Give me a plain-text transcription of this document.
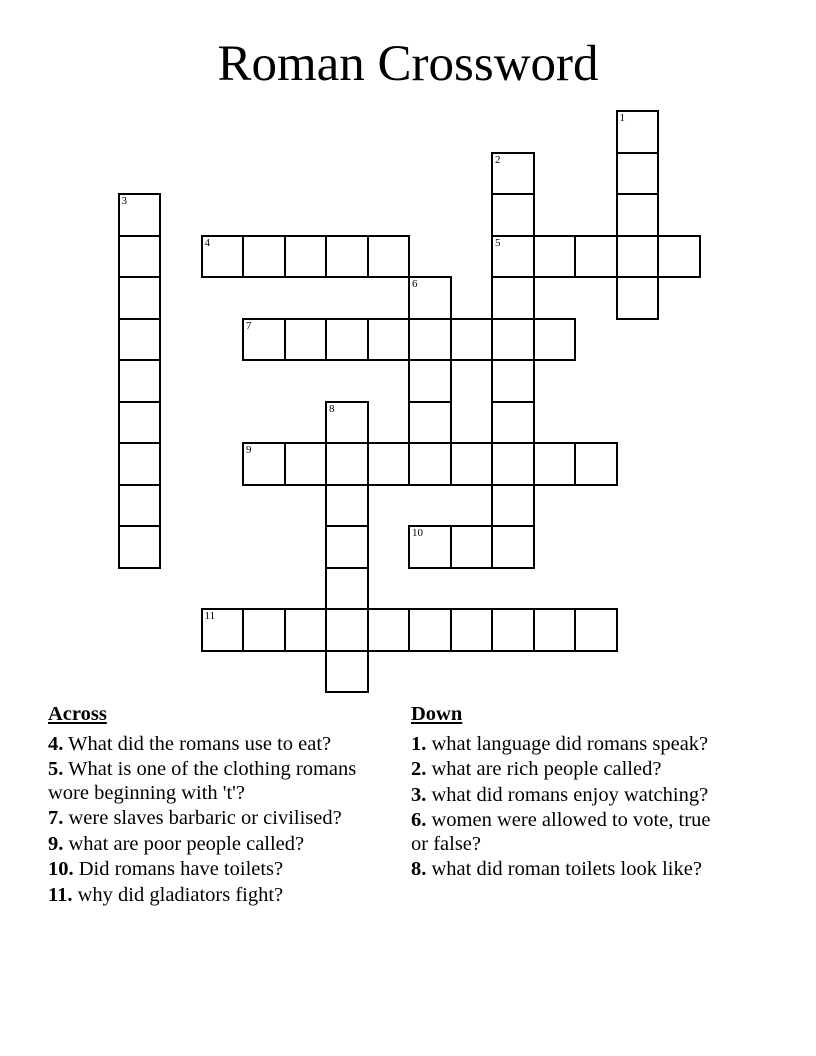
Roman Crossword
1
2
5
3
4
6
7
8
9
10
11
Across
4. What did the romans use to eat?
5. What is one of the clothing romans wore beginning with 't'?
7. were slaves barbaric or civilised?
9. what are poor people called?
10. Did romans have toilets?
11. why did gladiators fight?
Down
1. what language did romans speak?
2. what are rich people called?
3. what did romans enjoy watching?
6. women were allowed to vote, true or false?
8. what did roman toilets look like?
